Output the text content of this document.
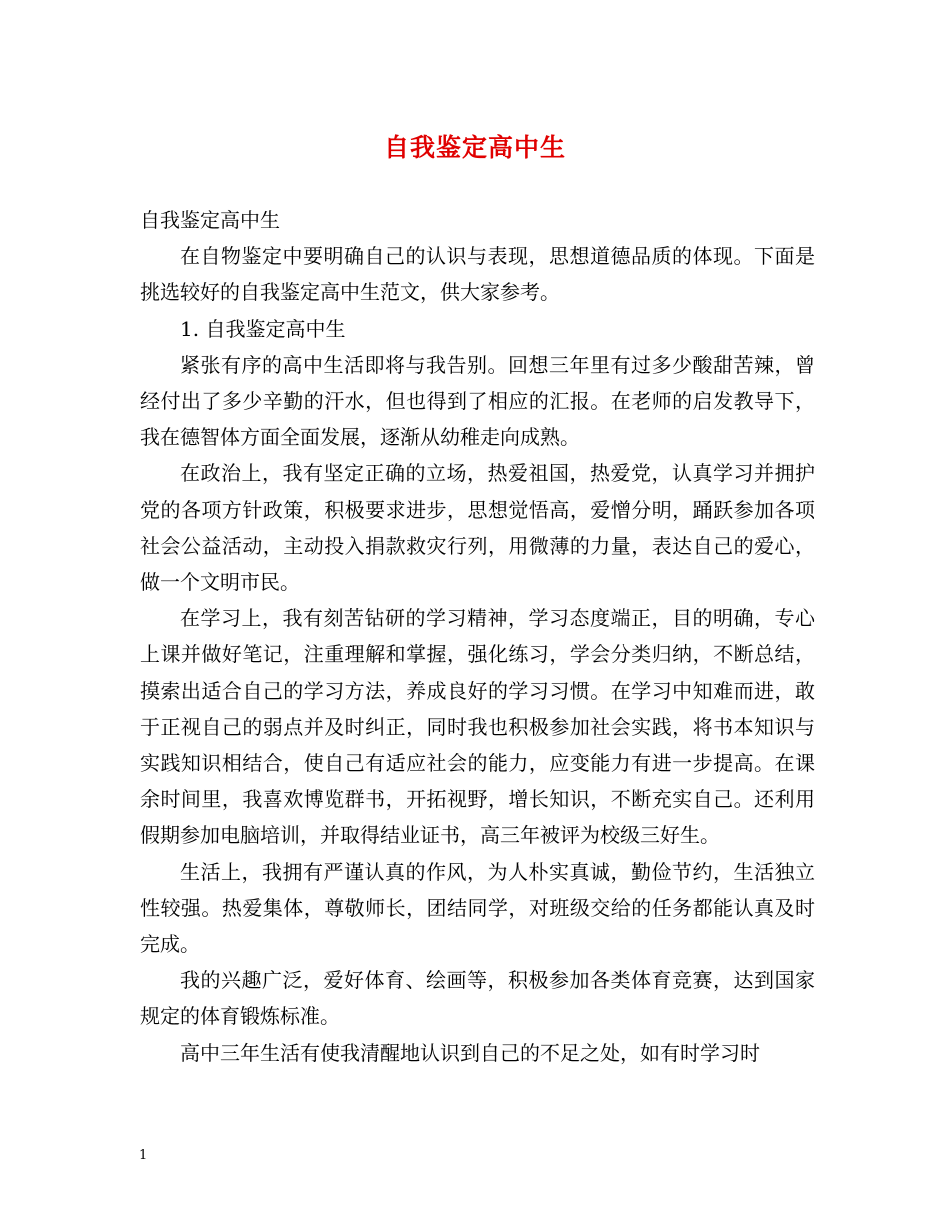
自我鉴定高中生

自我鉴定高中生

在自物鉴定中要明确自己的认识与表现，思想道德品质的体现。下面是挑选较好的自我鉴定高中生范文，供大家参考。

1. 自我鉴定高中生

紧张有序的高中生活即将与我告别。回想三年里有过多少酸甜苦辣，曾经付出了多少辛勤的汗水，但也得到了相应的汇报。在老师的启发教导下，我在德智体方面全面发展，逐渐从幼稚走向成熟。

在政治上，我有坚定正确的立场，热爱祖国，热爱党，认真学习并拥护党的各项方针政策，积极要求进步，思想觉悟高，爱憎分明，踊跃参加各项社会公益活动，主动投入捐款救灾行列，用微薄的力量，表达自己的爱心，做一个文明市民。

在学习上，我有刻苦钻研的学习精神，学习态度端正，目的明确，专心上课并做好笔记，注重理解和掌握，强化练习，学会分类归纳，不断总结，摸索出适合自己的学习方法，养成良好的学习习惯。在学习中知难而进，敢于正视自己的弱点并及时纠正，同时我也积极参加社会实践，将书本知识与实践知识相结合，使自己有适应社会的能力，应变能力有进一步提高。在课余时间里，我喜欢博览群书，开拓视野，增长知识，不断充实自己。还利用假期参加电脑培训，并取得结业证书，高三年被评为校级三好生。

生活上，我拥有严谨认真的作风，为人朴实真诚，勤俭节约，生活独立性较强。热爱集体，尊敬师长，团结同学，对班级交给的任务都能认真及时完成。

我的兴趣广泛，爱好体育、绘画等，积极参加各类体育竞赛，达到国家规定的体育锻炼标准。

高中三年生活有使我清醒地认识到自己的不足之处，如有时学习时

1
